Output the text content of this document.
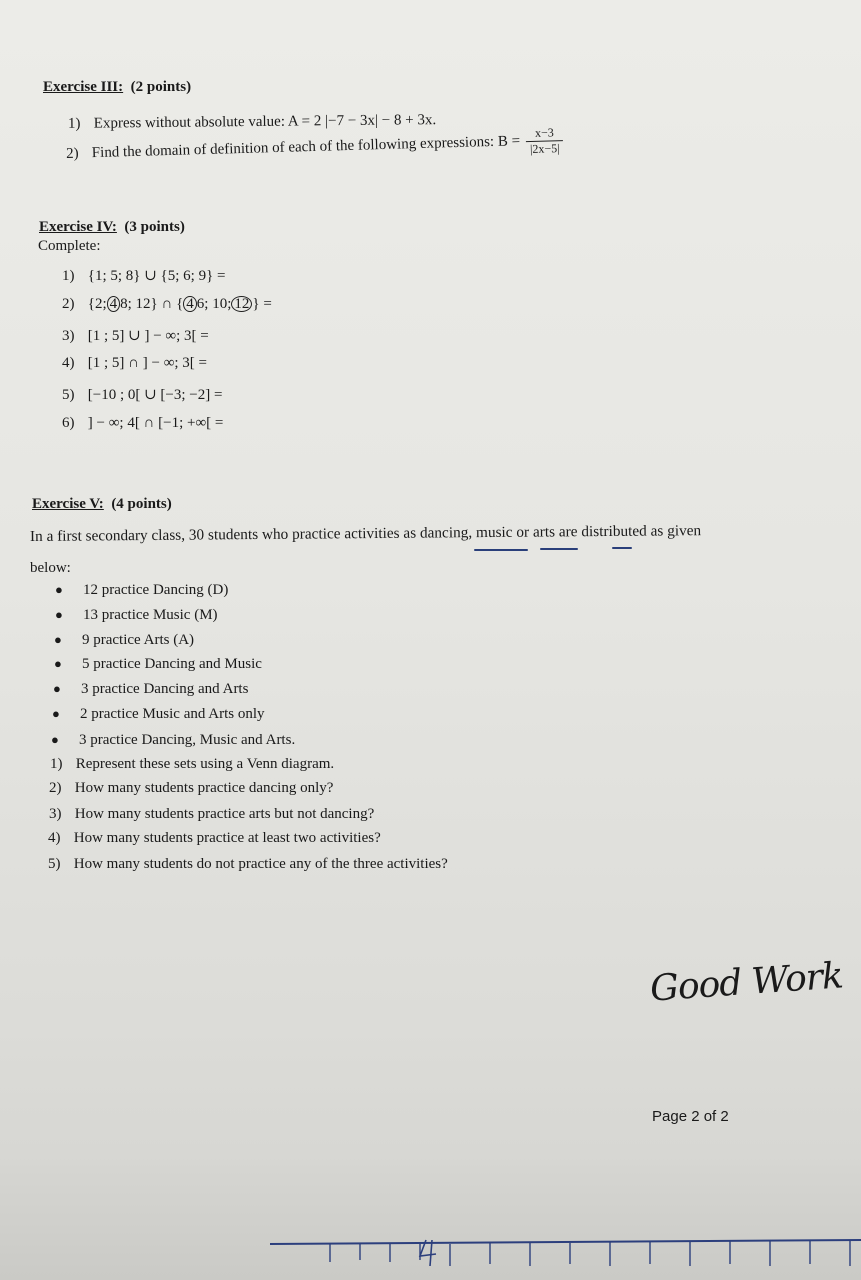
Exercise III: (2 points)
1) Express without absolute value: A = 2 |−7 − 3x| − 8 + 3x.
2) Find the domain of definition of each of the following expressions: $B = \frac{x-3}{|2x-5|}$
Exercise IV: (3 points)
Complete:
1) {1; 5; 8} ∪ {5; 6; 9} =
2) {2; 4 8; 12} ∩ { 4 6; 10; 12 } =
3) [1 ; 5] ∪ ] − ∞; 3[ =
4) [1 ; 5] ∩ ] − ∞; 3[ =
5) [−10 ; 0[ ∪ [−3; −2] =
6) ] − ∞; 4[ ∩ [−1; +∞[ =
Exercise V: (4 points)
In a first secondary class, 30 students who practice activities as dancing, music or arts are distributed as given
below:
● 12 practice Dancing (D)
● 13 practice Music (M)
● 9 practice Arts (A)
● 5 practice Dancing and Music
● 3 practice Dancing and Arts
● 2 practice Music and Arts only
● 3 practice Dancing, Music and Arts.
1) Represent these sets using a Venn diagram.
2) How many students practice dancing only?
3) How many students practice arts but not dancing?
4) How many students practice at least two activities?
5) How many students do not practice any of the three activities?
Good Work
Page 2 of 2
